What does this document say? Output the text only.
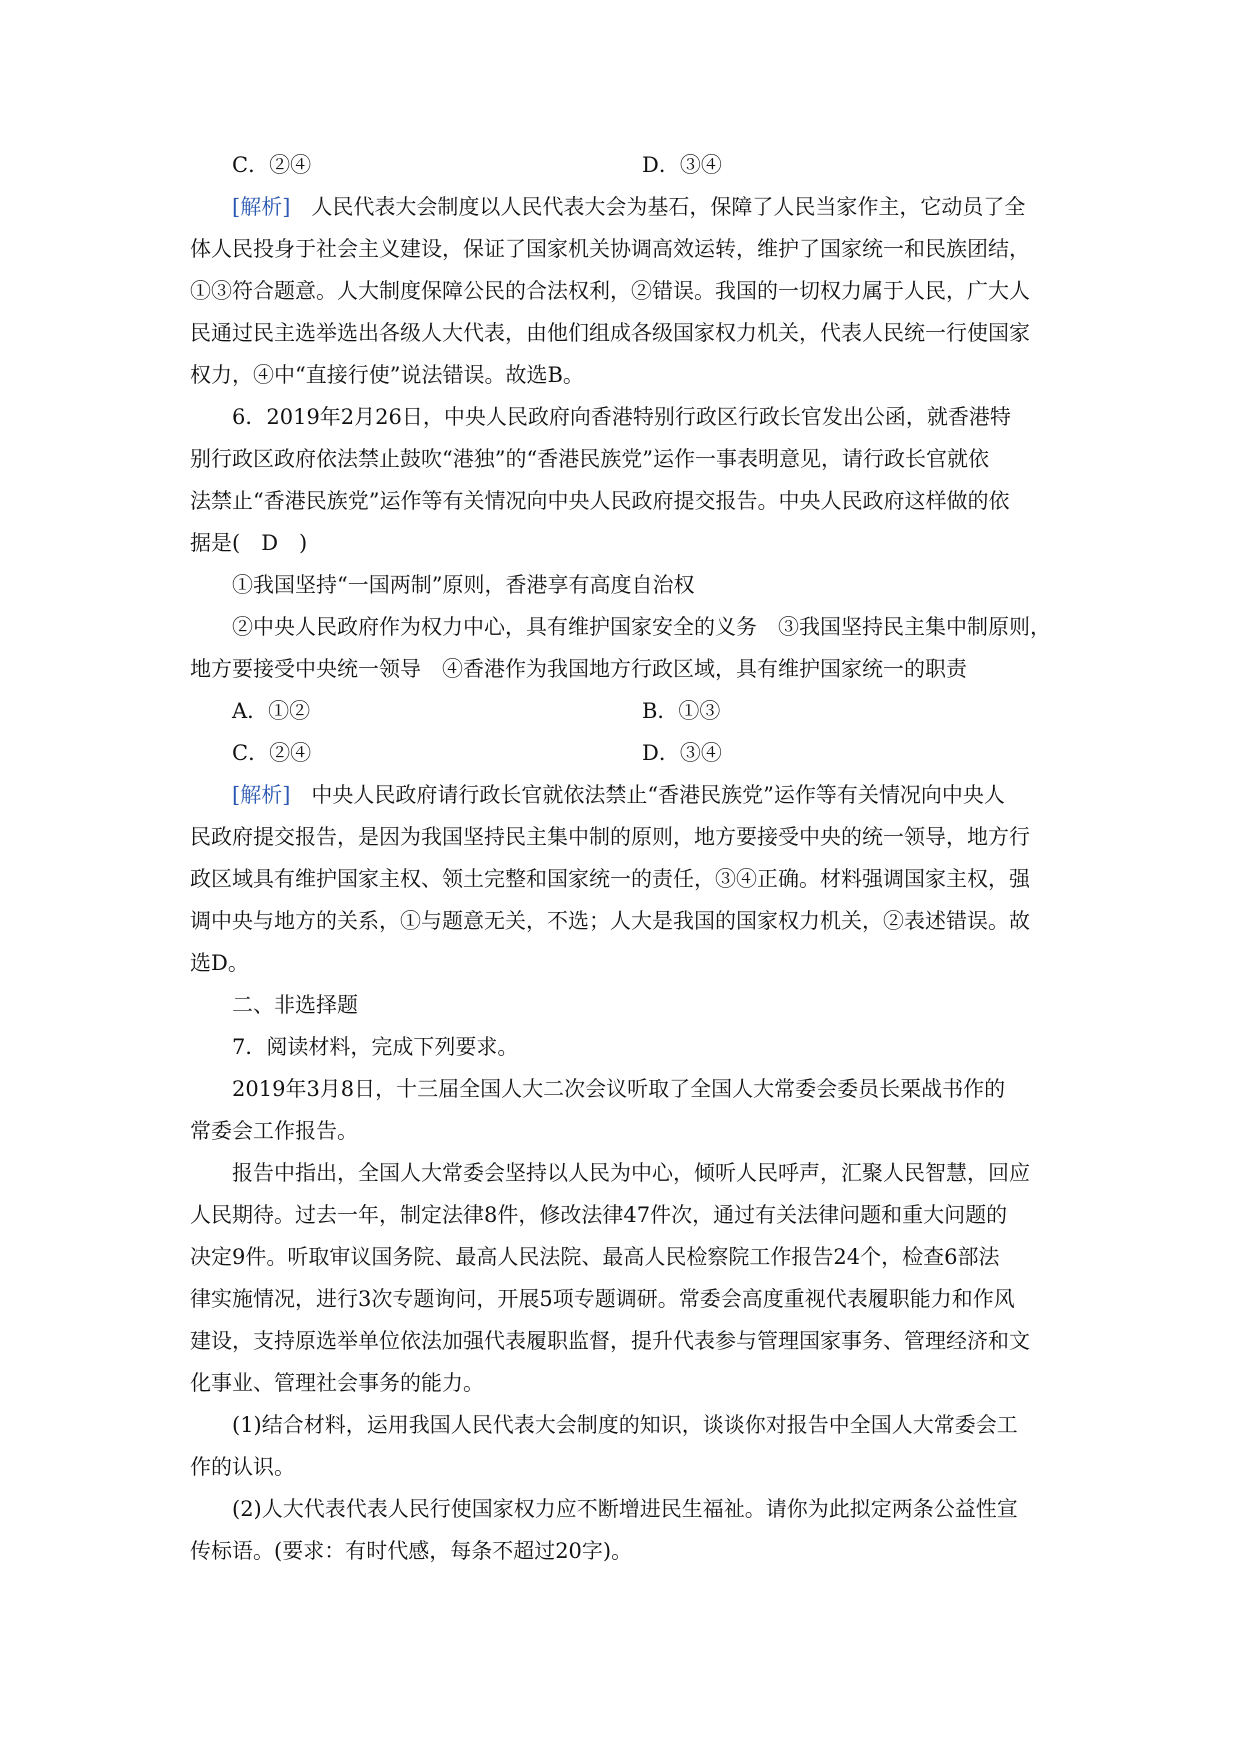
C．②④	D．③④

[解析] 人民代表大会制度以人民代表大会为基石，保障了人民当家作主，它动员了全

体人民投身于社会主义建设，保证了国家机关协调高效运转，维护了国家统一和民族团结，

①③符合题意。人大制度保障公民的合法权利，②错误。我国的一切权力属于人民，广大人

民通过民主选举选出各级人大代表，由他们组成各级国家权力机关，代表人民统一行使国家

权力，④中“直接行使”说法错误。故选B。

6．2019年2月26日，中央人民政府向香港特别行政区行政长官发出公函，就香港特

别行政区政府依法禁止鼓吹“港独”的“香港民族党”运作一事表明意见，请行政长官就依

法禁止“香港民族党”运作等有关情况向中央人民政府提交报告。中央人民政府这样做的依

据是(　D　)

①我国坚持“一国两制”原则，香港享有高度自治权

②中央人民政府作为权力中心，具有维护国家安全的义务　③我国坚持民主集中制原则，

地方要接受中央统一领导　④香港作为我国地方行政区域，具有维护国家统一的职责

A．①②	B．①③
C．②④	D．③④

[解析] 中央人民政府请行政长官就依法禁止“香港民族党”运作等有关情况向中央人

民政府提交报告，是因为我国坚持民主集中制的原则，地方要接受中央的统一领导，地方行

政区域具有维护国家主权、领土完整和国家统一的责任，③④正确。材料强调国家主权，强

调中央与地方的关系，①与题意无关，不选；人大是我国的国家权力机关，②表述错误。故

选D。

二、非选择题

7．阅读材料，完成下列要求。

2019年3月8日，十三届全国人大二次会议听取了全国人大常委会委员长栗战书作的

常委会工作报告。

报告中指出，全国人大常委会坚持以人民为中心，倾听人民呼声，汇聚人民智慧，回应

人民期待。过去一年，制定法律8件，修改法律47件次，通过有关法律问题和重大问题的

决定9件。听取审议国务院、最高人民法院、最高人民检察院工作报告24个，检查6部法

律实施情况，进行3次专题询问，开展5项专题调研。常委会高度重视代表履职能力和作风

建设，支持原选举单位依法加强代表履职监督，提升代表参与管理国家事务、管理经济和文

化事业、管理社会事务的能力。

(1)结合材料，运用我国人民代表大会制度的知识，谈谈你对报告中全国人大常委会工

作的认识。

(2)人大代表代表人民行使国家权力应不断增进民生福祉。请你为此拟定两条公益性宣

传标语。(要求：有时代感，每条不超过20字)。
